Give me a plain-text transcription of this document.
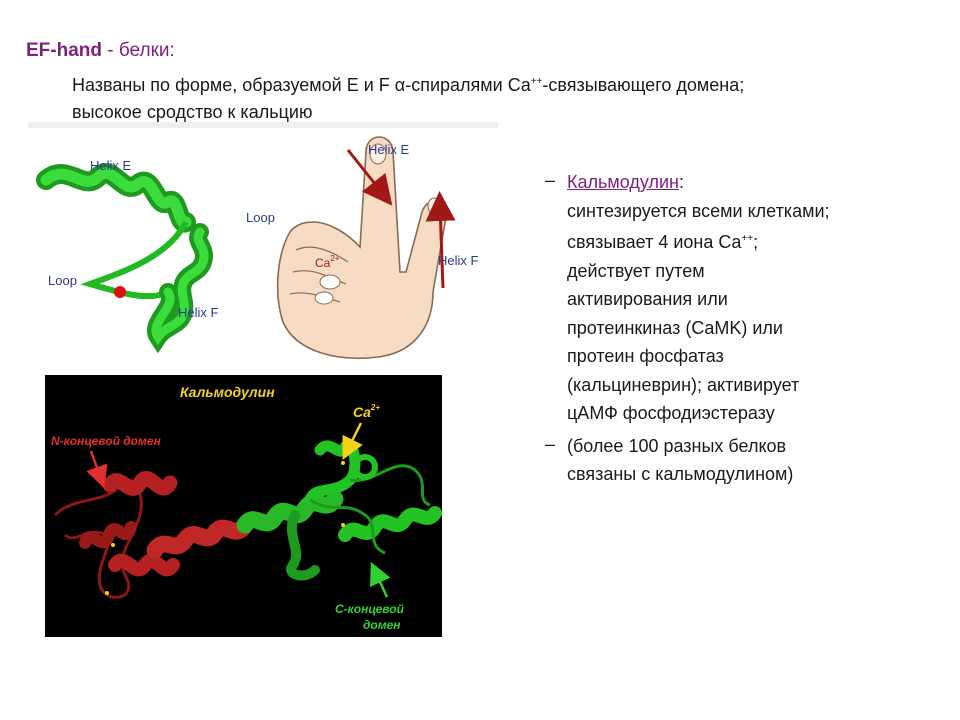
EF-hand - белки:
Названы по форме, образуемой E и F α-спиралями Ca++-связывающего домена;
высокое сродство к кальцию
Helix E
Loop
Helix F
Helix E
Loop
Helix F
$Ca^{2+}$
Кальмодулин
N-концевой домен
$Ca^{2+}$
C-концевой
домен
– Кальмодулин:
синтезируется всеми клетками;
связывает 4 иона Ca++;
действует путем
активирования или
протеинкиназ (CaMK) или
протеин фосфатаз
(кальциневрин); активирует
цАМФ фосфодиэстеразу
– (более 100 разных белков
связаны с кальмодулином)
